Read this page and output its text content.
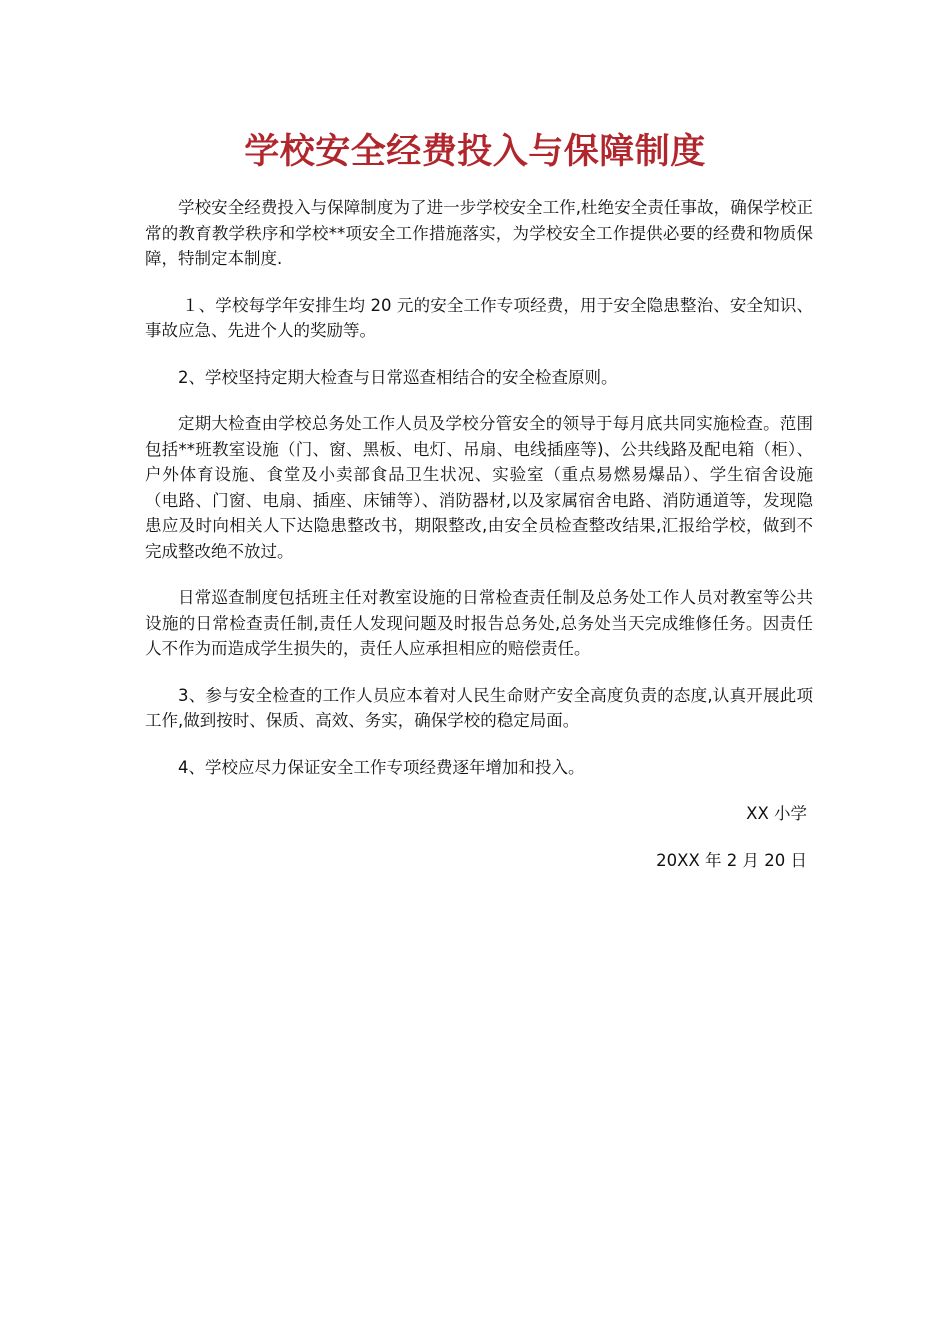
学校安全经费投入与保障制度

学校安全经费投入与保障制度为了进一步学校安全工作,杜绝安全责任事故，确保学校正常的教育教学秩序和学校**项安全工作措施落实，为学校安全工作提供必要的经费和物质保障，特制定本制度.

１、学校每学年安排生均 20 元的安全工作专项经费，用于安全隐患整治、安全知识、事故应急、先进个人的奖励等。

2、学校坚持定期大检查与日常巡查相结合的安全检查原则。

定期大检查由学校总务处工作人员及学校分管安全的领导于每月底共同实施检查。范围包括**班教室设施（门、窗、黑板、电灯、吊扇、电线插座等)、公共线路及配电箱（柜）、户外体育设施、食堂及小卖部食品卫生状况、实验室（重点易燃易爆品）、学生宿舍设施（电路、门窗、电扇、插座、床铺等）、消防器材,以及家属宿舍电路、消防通道等，发现隐患应及时向相关人下达隐患整改书，期限整改,由安全员检查整改结果,汇报给学校，做到不完成整改绝不放过。

日常巡查制度包括班主任对教室设施的日常检查责任制及总务处工作人员对教室等公共设施的日常检查责任制,责任人发现问题及时报告总务处,总务处当天完成维修任务。因责任人不作为而造成学生损失的，责任人应承担相应的赔偿责任。

3、参与安全检查的工作人员应本着对人民生命财产安全高度负责的态度,认真开展此项工作,做到按时、保质、高效、务实，确保学校的稳定局面。

4、学校应尽力保证安全工作专项经费逐年增加和投入。

XX 小学

20XX 年 2 月 20 日
